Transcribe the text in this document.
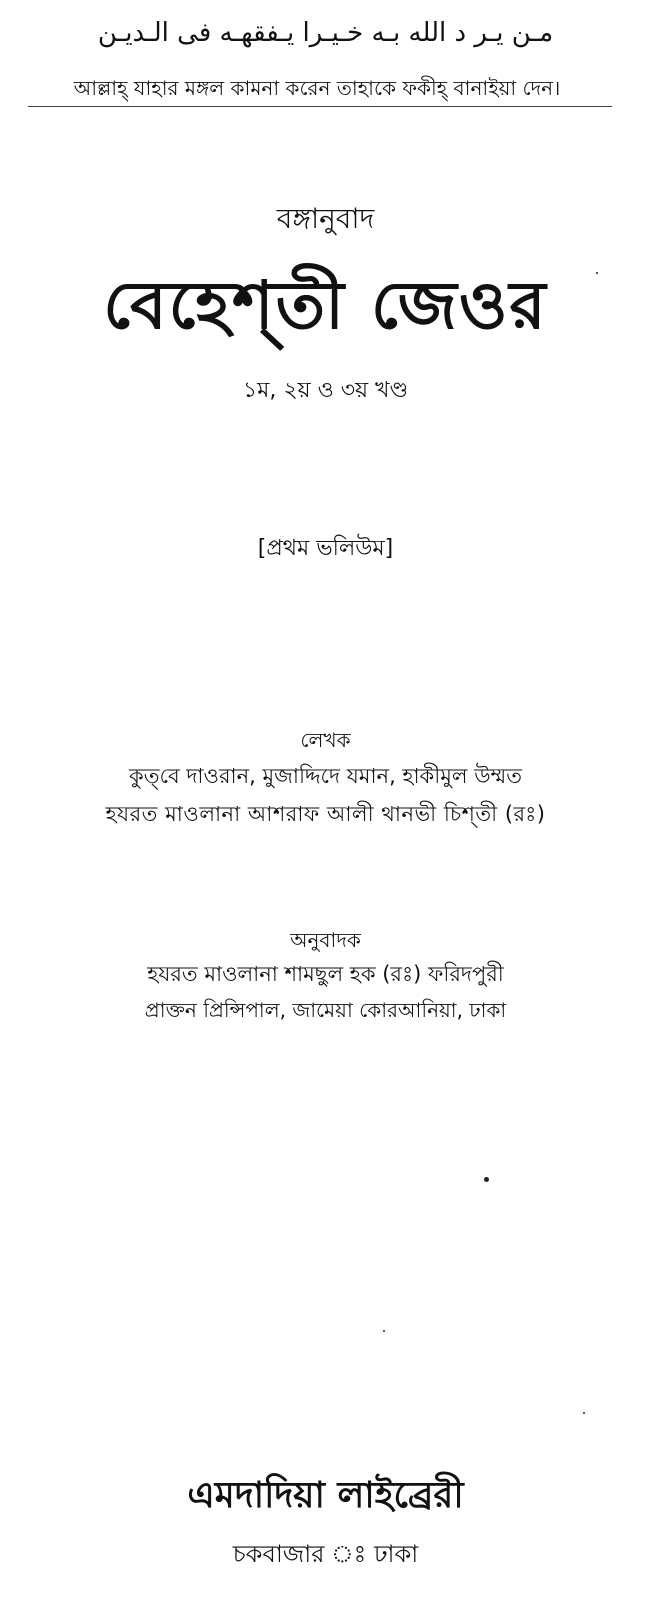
مـن يـر د الله بـه خـيـرا يـفقهـه فى الـديـن
আল্লাহ্ যাহার মঙ্গল কামনা করেন তাহাকে ফকীহ্ বানাইয়া দেন।
বঙ্গানুবাদ
বেহেশ্‌তী জেওর
১ম, ২য় ও ৩য় খণ্ড
[প্রথম ভলিউম]
লেখক
কুত্‌বে দাওরান, মুজাদ্দিদে যমান, হাকীমুল উম্মত
হযরত মাওলানা আশরাফ আলী থানভী চিশ্‌তী (রঃ)
অনুবাদক
হযরত মাওলানা শামছুল হক (রঃ) ফরিদপুরী
প্রাক্তন প্রিন্সিপাল, জামেয়া কোরআনিয়া, ঢাকা
এমদাদিয়া লাইব্রেরী
চকবাজার ঃ ঢাকা
